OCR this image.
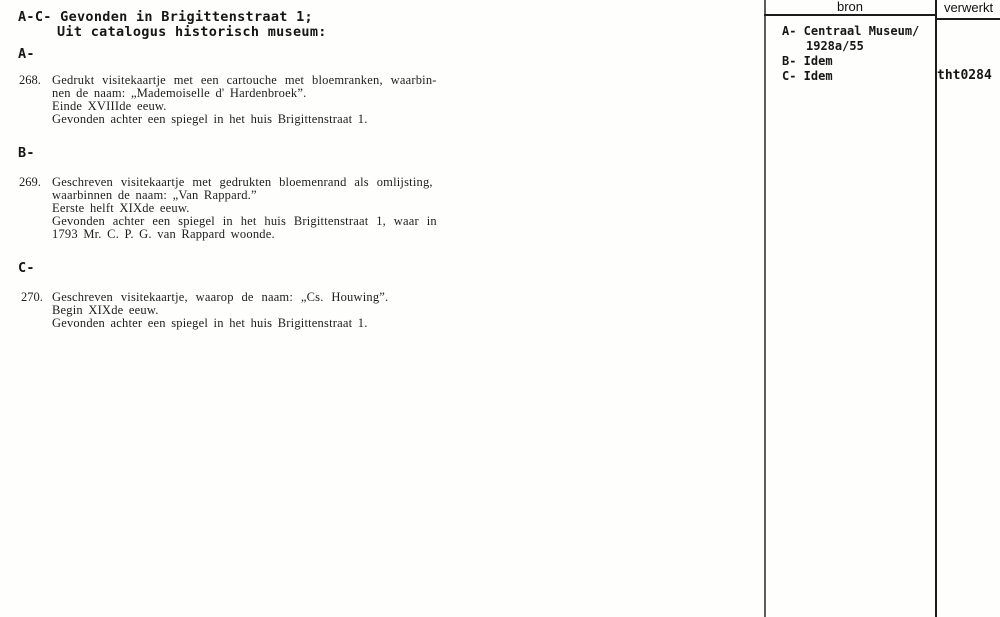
A-C- Gevonden in Brigittenstraat 1;
Uit catalogus historisch museum:
A-
268. Gedrukt visitekaartje met een cartouche met bloemranken, waarbin-
nen de naam: „Mademoiselle d' Hardenbroek”.
Einde XVIIIde eeuw.
Gevonden achter een spiegel in het huis Brigittenstraat 1.
B-
269. Geschreven visitekaartje met gedrukten bloemenrand als omlijsting,
waarbinnen de naam: „Van Rappard.”
Eerste helft XIXde eeuw.
Gevonden achter een spiegel in het huis Brigittenstraat 1, waar in
1793 Mr. C. P. G. van Rappard woonde.
C-
270. Geschreven visitekaartje, waarop de naam: „Cs. Houwing”.
Begin XIXde eeuw.
Gevonden achter een spiegel in het huis Brigittenstraat 1.
bron	verwerkt
A- Centraal Museum/
1928a/55
B- Idem
C- Idem	tht0284
